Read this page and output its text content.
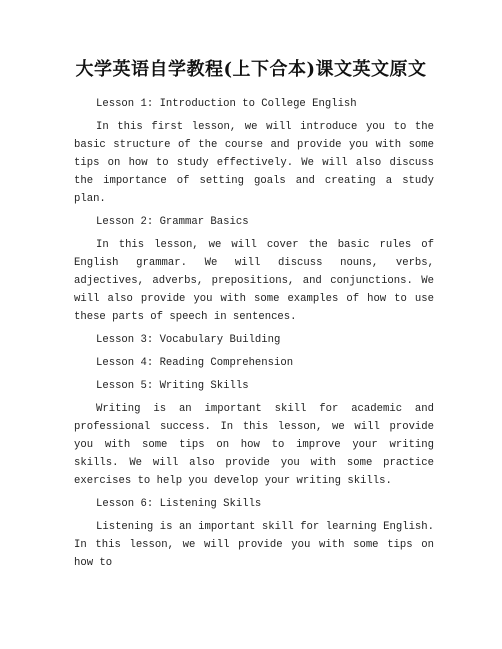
大学英语自学教程(上下合本)课文英文原文

Lesson 1: Introduction to College English

In this first lesson, we will introduce you to the basic structure of the course and provide you with some tips on how to study effectively. We will also discuss the importance of setting goals and creating a study plan.

Lesson 2: Grammar Basics

In this lesson, we will cover the basic rules of English grammar. We will discuss nouns, verbs, adjectives, adverbs, prepositions, and conjunctions. We will also provide you with some examples of how to use these parts of speech in sentences.

Lesson 3: Vocabulary Building

Lesson 4: Reading Comprehension

Lesson 5: Writing Skills

Writing is an important skill for academic and professional success. In this lesson, we will provide you with some tips on how to improve your writing skills. We will also provide you with some practice exercises to help you develop your writing skills.

Lesson 6: Listening Skills

Listening is an important skill for learning English. In this lesson, we will provide you with some tips on how to
